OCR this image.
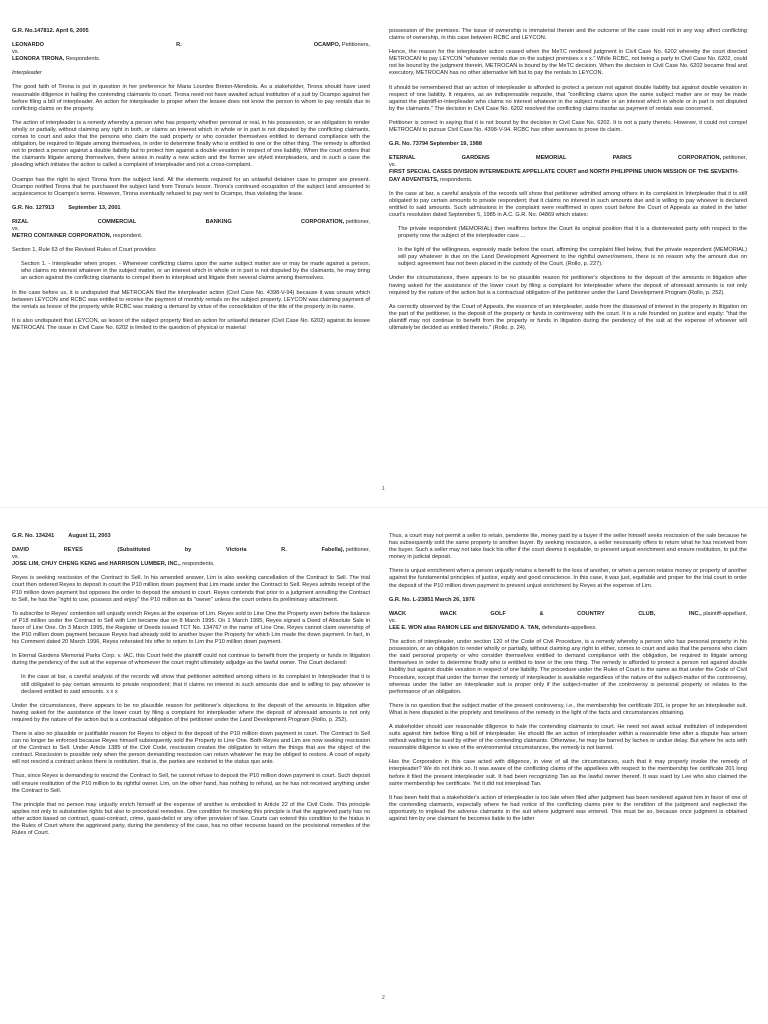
G.R. No.147812. April 6, 2005
LEONARDO	R.	OCAMPO, Petitioners,
vs.
LEONORA TIRONA, Respondents.
Interpleader

The good faith of Tirona is put in question in her preference for Maria Lourdes Breton-Mendiola. As a stakeholder, Tirona should have used reasonable diligence in hailing the contending claimants to court. Tirona need not have awaited actual institution of a suit by Ocampo against her before filing a bill of interpleader. An action for interpleader is proper when the lessee does not know the person to whom to pay rentals due to conflicting claims on the property.

The action of interpleader is a remedy whereby a person who has property whether personal or real, in his possession, or an obligation to render wholly or partially, without claiming any right in both, or claims an interest which in whole or in part is not disputed by the conflicting claimants, comes to court and asks that the persons who claim the said property or who consider themselves entitled to demand compliance with the obligation, be required to litigate among themselves, in order to determine finally who is entitled to one or the other thing. The remedy is afforded not to protect a person against a double liability but to protect him against a double vexation in respect of one liability. When the court orders that the claimants litigate among themselves, there arises in reality a new action and the former are styled interpleaders, and in such a case the pleading which initiates the action is called a complaint of interpleader and not a cross-complaint.

Ocampo has the right to eject Tirona from the subject land. All the elements required for an unlawful detainer case to prosper are present. Ocampo notified Tirona that he purchased the subject land from Tirona's lessor. Tirona's continued occupation of the subject land amounted to acquiescence to Ocampo's terms. However, Tirona eventually refused to pay rent to Ocampo, thus violating the lease.

G.R. No. 127913	September 13, 2001
RIZAL	COMMERCIAL	BANKING	CORPORATION, petitioner,
vs.
METRO CONTAINER CORPORATION, respondent.

Section 1, Rule 63 of the Revised Rules of Court provides:

Section 1. - Interpleader when proper. - Whenever conflicting claims upon the same subject matter are or may be made against a person, who claims no interest whatever in the subject matter, or an interest which in whole or in part is not disputed by the claimants, he may bring an action against the conflicting claimants to compel them to interplead and litigate their several claims among themselves.

In the case before us, it is undisputed that METROCAN filed the interpleader action (Civil Case No. 4398-V-94) because it was unsure which between LEYCON and RCBC was entitled to receive the payment of monthly rentals on the subject property. LEYCON was claiming payment of the rentals as lessor of the property while RCBC was making a demand by virtue of the consolidation of the title of the property in its name.

It is also undisputed that LEYCON, as lessor of the subject property filed an action for unlawful detainer (Civil Case No. 6202) against its lessee METROCAN. The issue in Civil Case No. 6202 is limited to the question of physical or material

possession of the premises. The issue of ownership is immaterial therein and the outcome of the case could not in any way affect conflicting claims of ownership, in this case between RCBC and LEYCON.

Hence, the reason for the interpleader action ceased when the MeTC rendered judgment in Civil Case No. 6202 whereby the court directed METROCAN to pay LEYCON "whatever rentals due on the subject premises x x x." While RCBC, not being a party to Civil Case No. 6202, could not be bound by the judgment therein, METROCAN is bound by the MeTC decision. When the decision in Civil Case No. 6202 became final and executory, METROCAN has no other alternative left but to pay the rentals to LEYCON.

It should be remembered that an action of interpleader is afforded to protect a person not against double liability but against double vexation in respect of one liability. It requires, as an indispensable requisite, that "conflicting claims upon the same subject matter are or may be made against the plaintiff-in-interpleader who claims no interest whatever in the subject matter or an interest which in whole or in part is not disputed by the claimants." The decision in Civil Case No. 6202 resolved the conflicting claims insofar as payment of rentals was concerned.

Petitioner is correct in saying that it is not bound by the decision in Civil Case No. 6202. It is not a party thereto. However, it could not compel METROCAN to pursue Civil Case No. 4398-V-94. RCBC has other avenues to prove its claim.

G.R. No. 73794 September 19, 1988
ETERNAL	GARDENS	MEMORIAL	PARKS	CORPORATION, petitioner,
vs.
FIRST SPECIAL CASES DIVISION INTERMEDIATE APPELLATE COURT and NORTH PHILIPPINE UNION MISSION OF THE SEVENTH-DAY ADVENTISTS, respondents.

In the case at bar, a careful analysis of the records will show that petitioner admitted among others in its complaint in Interpleader that it is still obligated to pay certain amounts to private respondent; that it claims no interest in such amounts due and is willing to pay whoever is declared entitled to said amounts. Such admissions in the complaint were reaffirmed in open court before the Court of Appeals as stated in the latter court's resolution dated September 5, 1985 in A.C. G.R. No. 04869 which states:

The private respondent (MEMORIAL) then reaffirms before the Court its original position that it is a disinterested party with respect to the property now the subject of the interpleader case ...
In the light of the willingness, expressly made before the court, affirming the complaint filed below, that the private respondent (MEMORIAL) will pay whatever is due on the Land Development Agreement to the rightful owner/owners, there is no reason why the amount due on subject agreement has not been placed in the custody of the Court. (Rollo, p. 227).

Under the circumstances, there appears to be no plausible reason for petitioner's objections to the deposit of the amounts in litigation after having asked for the assistance of the lower court by filing a complaint for interpleader where the deposit of aforesaid amounts is not only required by the nature of the action but is a contractual obligation of the petitioner under the Land Development Program (Rollo, p. 252).

As correctly observed by the Court of Appeals, the essence of an interpleader, aside from the disavowal of interest in the property in litigation on the part of the petitioner, is the deposit of the property or funds in controversy with the court. It is a rule founded on justice and equity: "that the plaintiff may not continue to benefit from the property or funds in litigation during the pendency of the suit at the expense of whoever will ultimately be decided as entitled thereto." (Rollo, p. 24).

1
G.R. No. 134241	August 11, 2003
DAVID	REYES	(Substituted	by	Victoria	R.	Fabella), petitioner,
vs.
JOSE LIM, CHUY CHENG KENG and HARRISON LUMBER, INC., respondents.

Reyes is seeking rescission of the Contract to Sell. In his amended answer, Lim is also seeking cancellation of the Contract to Sell. The trial court then ordered Reyes to deposit in court the P10 million down payment that Lim made under the Contract to Sell. Reyes admits receipt of the P10 million down payment but opposes the order to deposit the amount in court. Reyes contends that prior to a judgment annulling the Contract to Sell, he has the "right to use, possess and enjoy" the P10 million as its "owner" unless the court orders its preliminary attachment.

To subscribe to Reyes' contention will unjustly enrich Reyes at the expense of Lim. Reyes sold to Line One the Property even before the balance of P18 million under the Contract to Sell with Lim became due on 8 March 1995. On 1 March 1995, Reyes signed a Deed of Absolute Sale in favor of Line One. On 3 March 1995, the Register of Deeds issued TCT No. 134767 in the name of Line One. Reyes cannot claim ownership of the P10 million down payment because Reyes had already sold to another buyer the Property for which Lim made the down payment. In fact, in his Comment dated 20 March 1996, Reyes reiterated his offer to return to Lim the P10 million down payment.

In Eternal Gardens Memorial Parks Corp. v. IAC, this Court held the plaintiff could not continue to benefit from the property or funds in litigation during the pendency of the suit at the expense of whomever the court might ultimately adjudge as the lawful owner. The Court declared:

In the case at bar, a careful analysis of the records will show that petitioner admitted among others in its complaint in Interpleader that it is still obligated to pay certain amounts to private respondent; that it claims no interest in such amounts due and is willing to pay whoever is declared entitled to said amounts. x x x

Under the circumstances, there appears to be no plausible reason for petitioner's objections to the deposit of the amounts in litigation after having asked for the assistance of the lower court by filing a complaint for interpleader where the deposit of aforesaid amounts is not only required by the nature of the action but is a contractual obligation of the petitioner under the Land Development Program (Rollo, p. 252).

There is also no plausible or justifiable reason for Reyes to object to the deposit of the P10 million down payment in court. The Contract to Sell can no longer be enforced because Reyes himself subsequently sold the Property to Line One. Both Reyes and Lim are now seeking rescission of the Contract to Sell. Under Article 1385 of the Civil Code, rescission creates the obligation to return the things that are the object of the contract. Rescission is possible only when the person demanding rescission can return whatever he may be obliged to restore. A court of equity will not rescind a contract unless there is restitution, that is, the parties are restored to the status quo ante.

Thus, since Reyes is demanding to rescind the Contract to Sell, he cannot refuse to deposit the P10 million down payment in court. Such deposit will ensure restitution of the P10 million to its rightful owner. Lim, on the other hand, has nothing to refund, as he has not received anything under the Contract to Sell.

The principle that no person may unjustly enrich himself at the expense of another is embodied in Article 22 of the Civil Code. This principle applies not only to substantive rights but also to procedural remedies. One condition for invoking this principle is that the aggrieved party has no other action based on contract, quasi-contract, crime, quasi-delict or any other provision of law. Courts can extend this condition to the hiatus in the Rules of Court where the aggrieved party, during the pendency of the case, has no other recourse based on the provisional remedies of the Rules of Court.

Thus, a court may not permit a seller to retain, pendente lite, money paid by a buyer if the seller himself seeks rescission of the sale because he has subsequently sold the same property to another buyer. By seeking rescission, a seller necessarily offers to return what he has received from the buyer. Such a seller may not take back his offer if the court deems it equitable, to prevent unjust enrichment and ensure restitution, to put the money in judicial deposit.

There is unjust enrichment when a person unjustly retains a benefit to the loss of another, or when a person retains money or property of another against the fundamental principles of justice, equity and good conscience. In this case, it was just, equitable and proper for the trial court to order the deposit of the P10 million down payment to prevent unjust enrichment by Reyes at the expense of Lim.

G.R. No. L-23851 March 26, 1976
WACK	WACK	GOLF	&	COUNTRY	CLUB,	INC., plaintiff-appellant,
vs.
LEE E. WON alias RAMON LEE and BIENVENIDO A. TAN, defendants-appellees.

The action of interpleader, under section 120 of the Code of Civil Procedure, is a remedy whereby a person who has personal property in his possession, or an obligation to render wholly or partially, without claiming any right to either, comes to court and asks that the persons who claim the said personal property or who consider themselves entitled to demand compliance with the obligation, be required to litigate among themselves in order to determine finally who is entitled to tone or the one thing. The remedy is afforded to protect a person not against double liability but against double vexation in respect of one liability. The procedure under the Rules of Court is the same as that under the Code of Civil Procedure, except that under the former the remedy of interpleader is available regardless of the nature of the subject-matter of the controversy, whereas under the latter an interpleader suit is proper only if the subject-matter of the controversy is personal property or relates to the performance of an obligation.

There is no question that the subject matter of the present controversy, i.e., the membership fee certificate 201, is proper for an interpleader suit. What is here disputed is the propriety and timeliness of the remedy in the light of the facts and circumstances obtaining.

A stakeholder should use reasonable diligence to hale the contending claimants to court. He need not await actual institution of independent suits against him before filing a bill of interpleader. He should file an action of interpleader within a reasonable time after a dispute has arisen without waiting to be sued by either of the contending claimants. Otherwise, he may be barred by laches or undue delay. But where he acts with reasonable diligence in view of the environmental circumstances, the remedy is not barred.

Has the Corporation in this case acted with diligence, in view of all the circumstances, such that it may properly invoke the remedy of interpleader? We do not think so. It was aware of the conflicting claims of the appellees with respect to the membership fee certificate 201 long before it filed the present interpleader suit. It had been recognizing Tan as the lawful owner thereof. It was sued by Lee who also claimed the same membership fee certificate. Yet it did not interplead Tan.

It has been held that a stakeholder's action of interpleader is too late when filed after judgment has been rendered against him in favor of one of the contending claimants, especially where he had notice of the conflicting claims prior to the rendition of the judgment and neglected the opportunity to implead the adverse claimants in the suit where judgment was entered. This must be so, because once judgment is obtained against him by one claimant he becomes liable to the latter

2
